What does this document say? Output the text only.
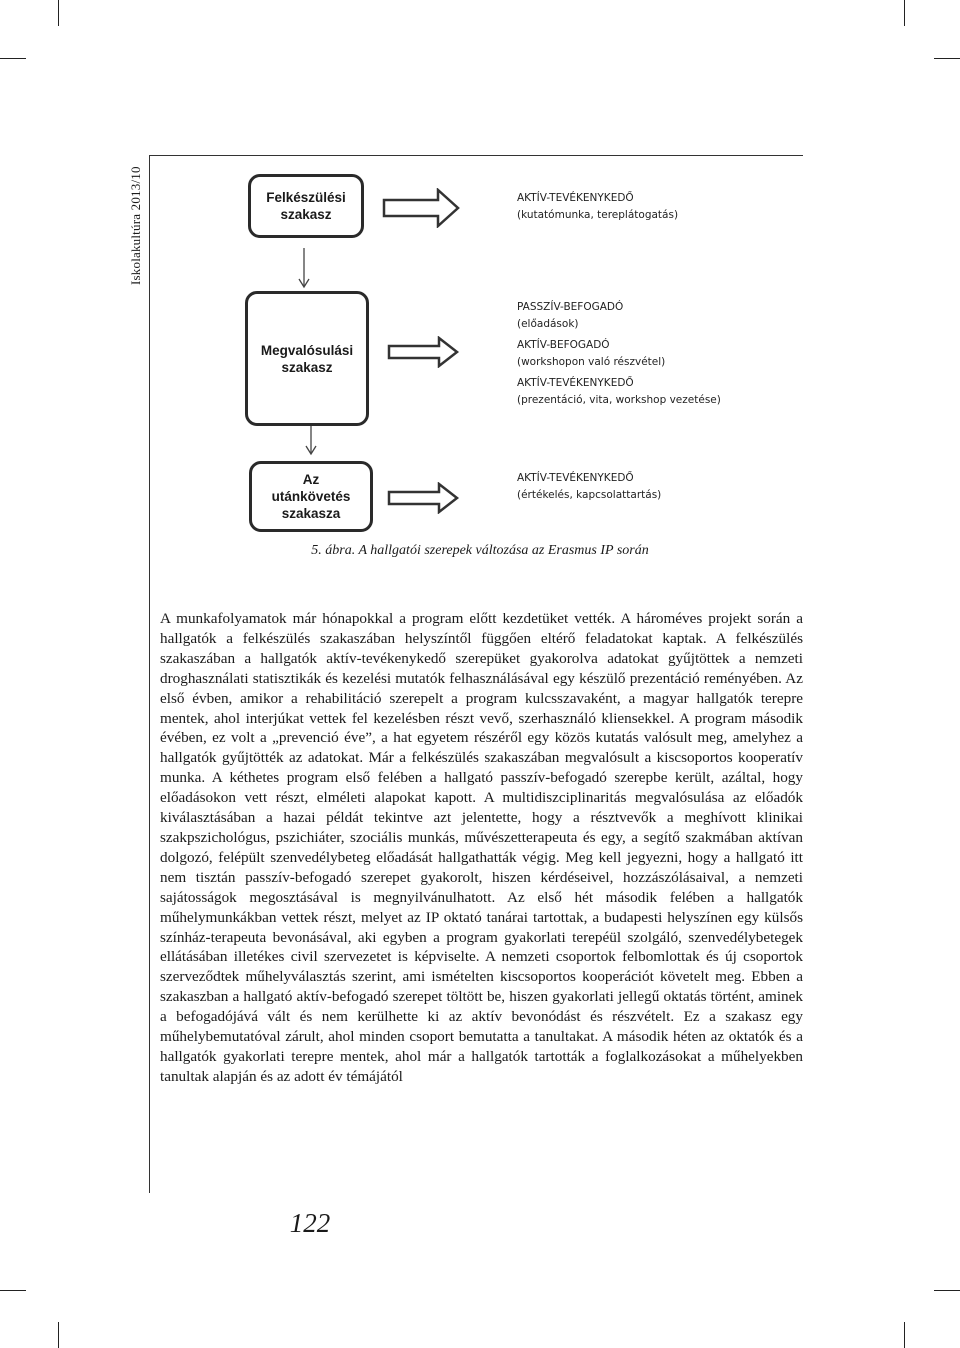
Iskolakultúra 2013/10	Felkészülési
szakasz
Megvalósulási
szakasz
Az
utánkövetés
szakasza
AKTÍV-TEVÉKENYKEDŐ
(kutatómunka, tereplátogatás)
PASSZÍV-BEFOGADÓ
(előadások)
AKTÍV-BEFOGADÓ
(workshopon való részvétel)
AKTÍV-TEVÉKENYKEDŐ
(prezentáció, vita, workshop vezetése)
AKTÍV-TEVÉKENYKEDŐ
(értékelés, kapcsolattartás)
5. ábra. A hallgatói szerepek változása az Erasmus IP során

A munkafolyamatok már hónapokkal a program előtt kezdetüket vették. A hároméves projekt során a hallgatók a felkészülés szakaszában helyszíntől függően eltérő feladatokat kaptak. A felkészülés szakaszában a hallgatók aktív-tevékenykedő szerepüket gyakorolva adatokat gyűjtöttek a nemzeti droghasználati statisztikák és kezelési mutatók felhasználásával egy készülő prezentáció reményében. Az első évben, amikor a rehabilitáció szerepelt a program kulcsszavaként, a magyar hallgatók terepre mentek, ahol interjúkat vettek fel kezelésben részt vevő, szerhasználó kliensekkel. A program második évében, ez volt a „prevenció éve”, a hat egyetem részéről egy közös kutatás valósult meg, amelyhez a hallgatók gyűjtötték az adatokat. Már a felkészülés szakaszában megvalósult a kiscsoportos kooperatív munka. A kéthetes program első felében a hallgató passzív-befogadó szerepbe került, azáltal, hogy előadásokon vett részt, elméleti alapokat kapott. A multidiszciplinaritás megvalósulása az előadók kiválasztásában a hazai példát tekintve azt jelentette, hogy a résztvevők a meghívott klinikai szakpszichológus, pszichiáter, szociális munkás, művészetterapeuta és egy, a segítő szakmában aktívan dolgozó, felépült szenvedélybeteg előadását hallgathatták végig. Meg kell jegyezni, hogy a hallgató itt nem tisztán passzív-befogadó szerepet gyakorolt, hiszen kérdéseivel, hozzászólásaival, a nemzeti sajátosságok megosztásával is megnyilvánulhatott. Az első hét második felében a hallgatók műhelymunkákban vettek részt, melyet az IP oktató tanárai tartottak, a budapesti helyszínen egy külsős színház-terapeuta bevonásával, aki egyben a program gyakorlati terepéül szolgáló, szenvedélybetegek ellátásában illetékes civil szervezetet is képviselte. A nemzeti csoportok felbomlottak és új csoportok szerveződtek műhelyválasztás szerint, ami ismételten kiscsoportos kooperációt követelt meg. Ebben a szakaszban a hallgató aktív-befogadó szerepet töltött be, hiszen gyakorlati jellegű oktatás történt, aminek a befogadójává vált és nem kerülhette ki az aktív bevonódást és részvételt. Ez a szakasz egy műhelybemutatóval zárult, ahol minden csoport bemutatta a tanultakat. A második héten az oktatók és a hallgatók gyakorlati terepre mentek, ahol már a hallgatók tartották a foglalkozásokat a műhelyekben tanultak alapján és az adott év témájától

122
